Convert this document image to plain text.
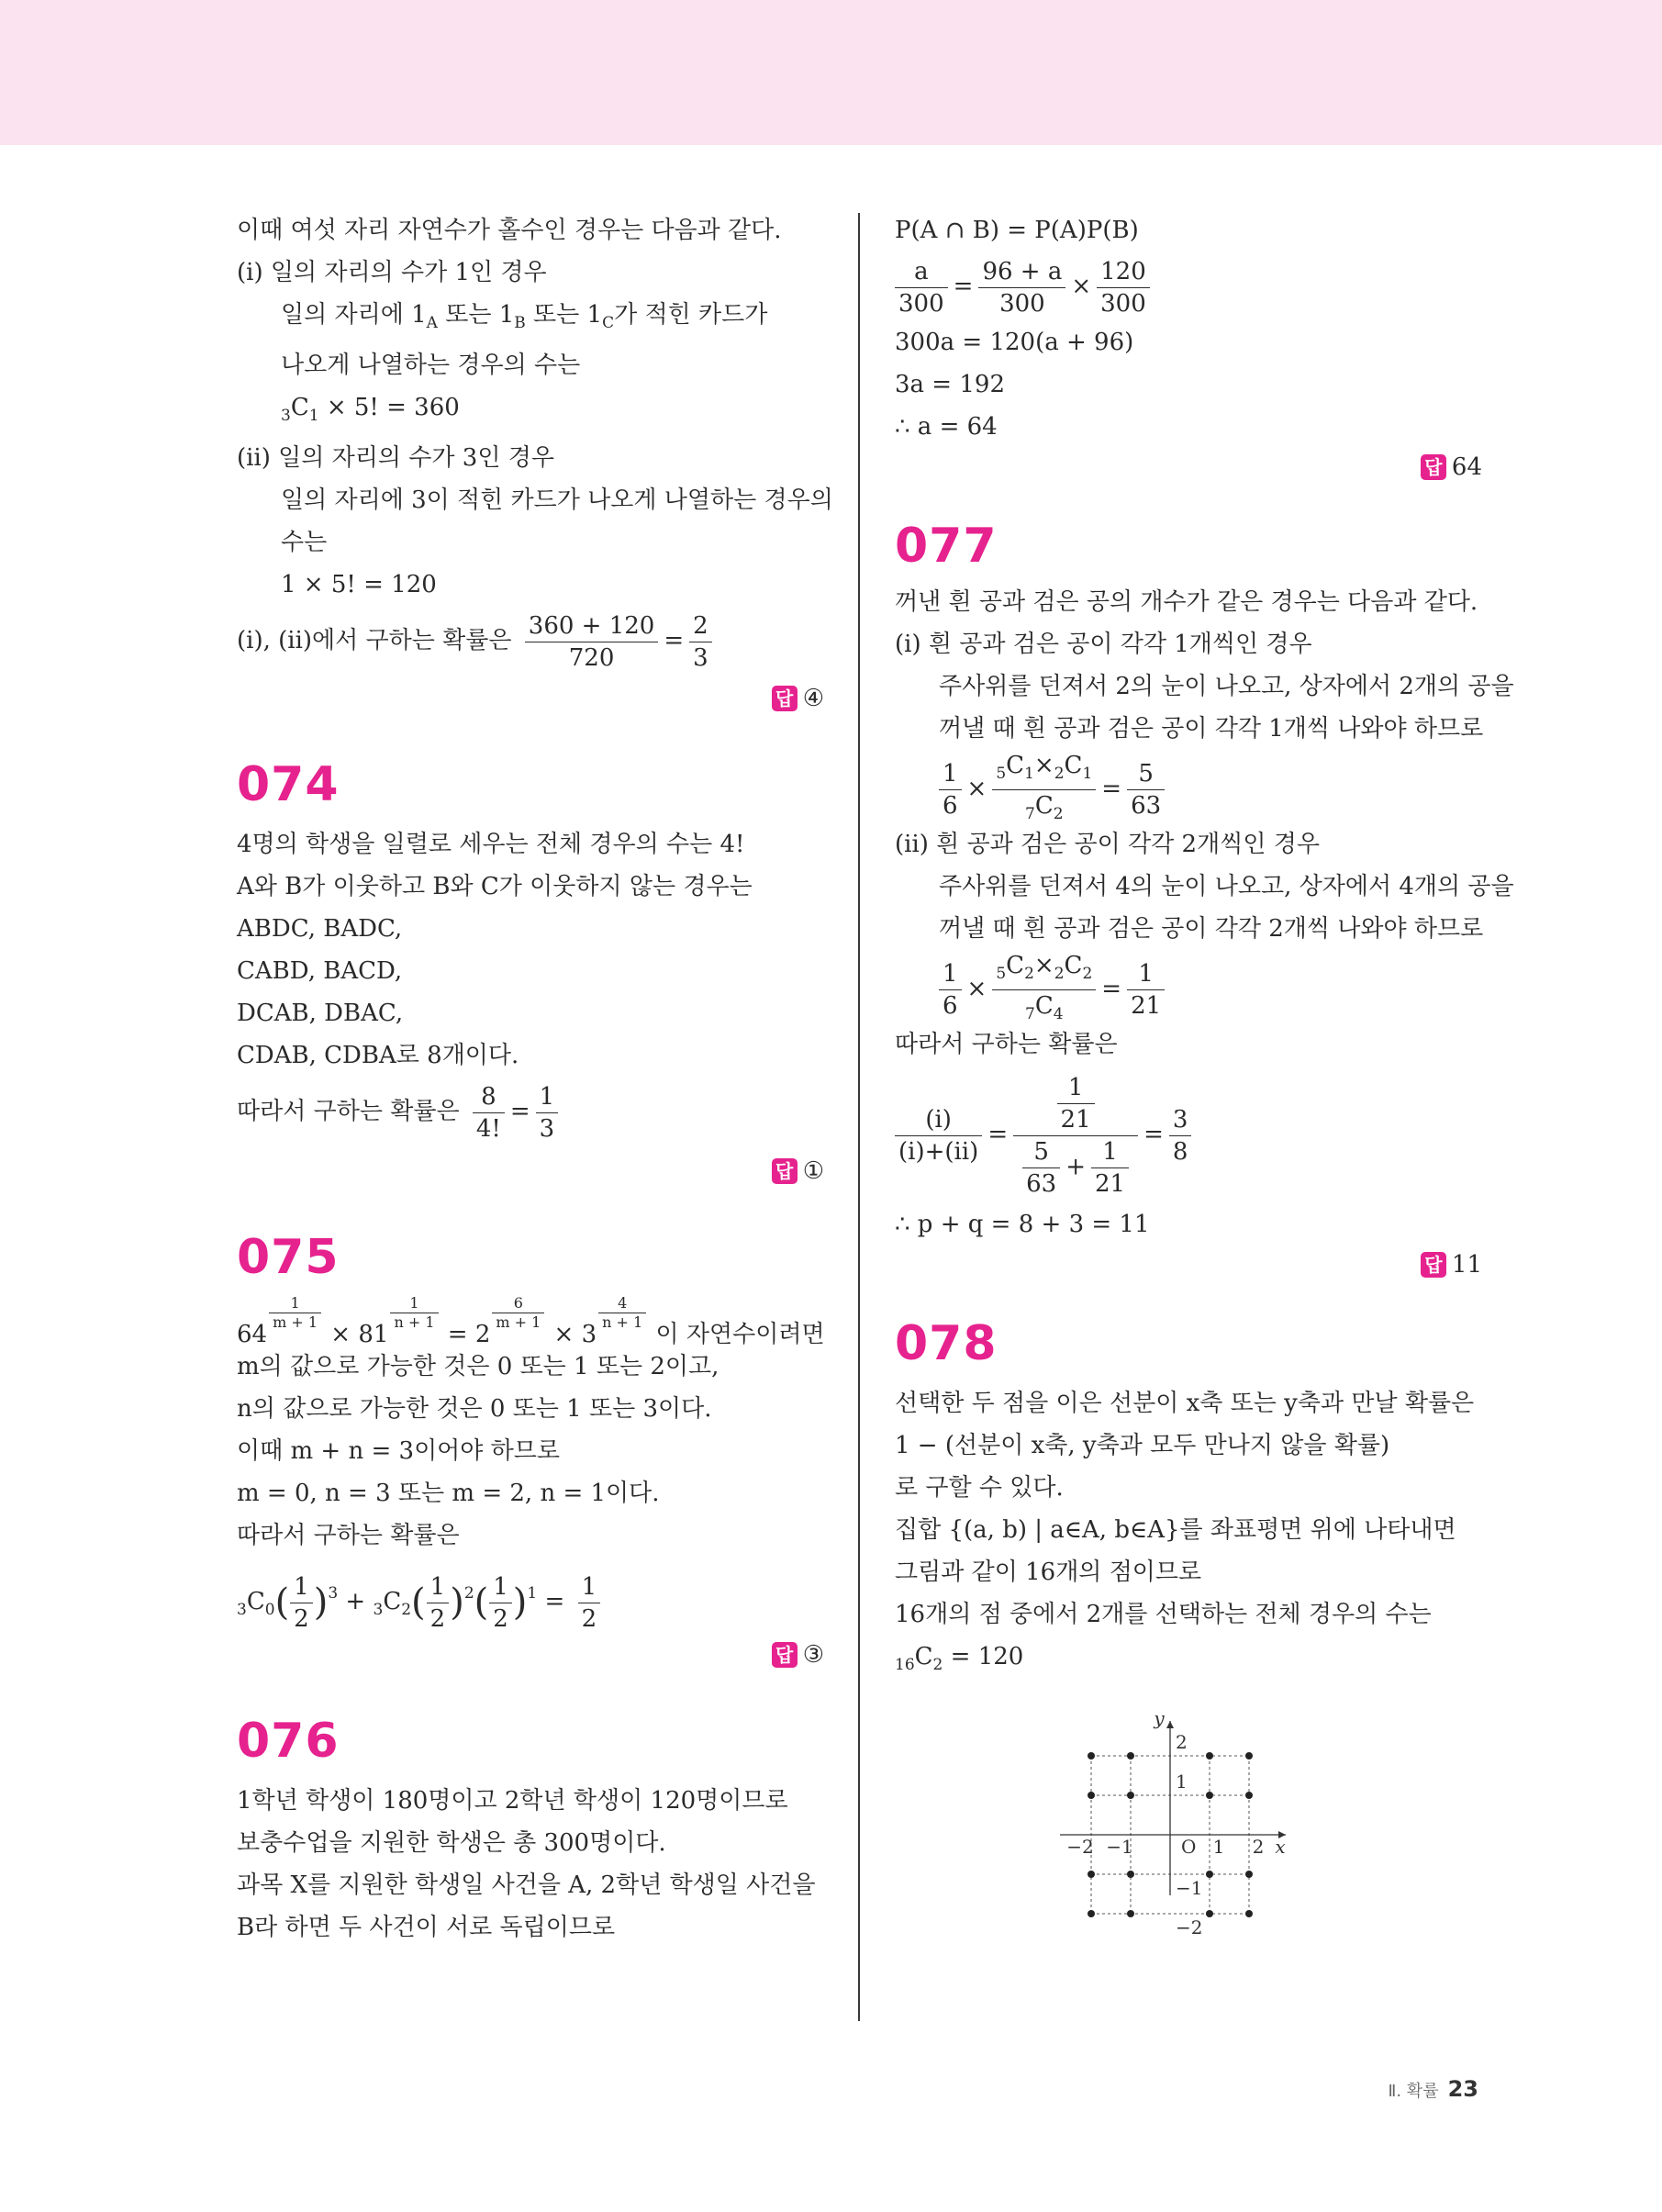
이때 여섯 자리 자연수가 홀수인 경우는 다음과 같다.
(ⅰ) 일의 자리의 수가 1인 경우
일의 자리에 $1_A$ 또는 $1_B$ 또는 $1_C$가 적힌 카드가
나오게 나열하는 경우의 수는
$_3C_1 \times 5$! = 360
(ⅱ) 일의 자리의 수가 3인 경우
일의 자리에 3이 적힌 카드가 나오게 나열하는 경우의
수는
1 × 5! = 120
(ⅰ), (ⅱ)에서 구하는 확률은 $\frac{360 + 120}{720} = \frac{2}{3}$
답 ④
074
4명의 학생을 일렬로 세우는 전체 경우의 수는 4!
A와 B가 이웃하고 B와 C가 이웃하지 않는 경우는
ABDC, BADC,
CABD, BACD,
DCAB, DBAC,
CDAB, CDBA로 8개이다.
따라서 구하는 확률은 $\frac{8}{4!} = \frac{1}{3}$
답 ①
075
64
$\frac{1}{m + 1}$
× 81
$\frac{1}{n + 1}$
= 2
$\frac{6}{m + 1}$
× 3
$\frac{4}{n + 1}$
이 자연수이려면
m의 값으로 가능한 것은 0 또는 1 또는 2이고,
n의 값으로 가능한 것은 0 또는 1 또는 3이다.
이때 m + n = 3이어야 하므로
m = 0, n = 3 또는 m = 2, n = 1이다.
따라서 구하는 확률은
$_3C_0( \frac{1}{2} )^3 + _3C_2( \frac{1}{2} )^2( \frac{1}{2} )^1 = \frac{1}{2}$
답 ③
076
1학년 학생이 180명이고 2학년 학생이 120명이므로
보충수업을 지원한 학생은 총 300명이다.
과목 X를 지원한 학생일 사건을 A, 2학년 학생일 사건을
B라 하면 두 사건이 서로 독립이므로
P(A ∩ B) = P(A)P(B)
$\frac{a}{300} = \frac{96 + a}{300} \times \frac{120}{300}$
300a = 120(a + 96)
3a = 192
∴ a = 64
답 64
077
꺼낸 흰 공과 검은 공의 개수가 같은 경우는 다음과 같다.
(ⅰ) 흰 공과 검은 공이 각각 1개씩인 경우
주사위를 던져서 2의 눈이 나오고, 상자에서 2개의 공을
꺼낼 때 흰 공과 검은 공이 각각 1개씩 나와야 하므로
$\frac{1}{6} \times \frac{_5C_1\times_2C_1}{_7C_2} = \frac{5}{63}$
(ⅱ) 흰 공과 검은 공이 각각 2개씩인 경우
주사위를 던져서 4의 눈이 나오고, 상자에서 4개의 공을
꺼낼 때 흰 공과 검은 공이 각각 2개씩 나와야 하므로
$\frac{1}{6} \times \frac{_5C_2\times_2C_2}{_7C_4} = \frac{1}{21}$
따라서 구하는 확률은
$\frac{\text{(ⅰ)}}{\text{(ⅰ)+(ⅱ)}} = \frac{\frac{1}{21}}{\frac{5}{63} + \frac{1}{21}} = \frac{3}{8}$
∴ p + q = 8 + 3 = 11
답 11
078
선택한 두 점을 이은 선분이 x축 또는 y축과 만날 확률은
1 − (선분이 x축, y축과 모두 만나지 않을 확률)
로 구할 수 있다.
집합 {(a, b) | a∈A, b∈A}를 좌표평면 위에 나타내면
그림과 같이 16개의 점이므로
16개의 점 중에서 2개를 선택하는 전체 경우의 수는
$_{16}C_2 = 120$
−2 −1	1 2
2
1
−1
−2
O	x
y
Ⅱ. 확률 23
